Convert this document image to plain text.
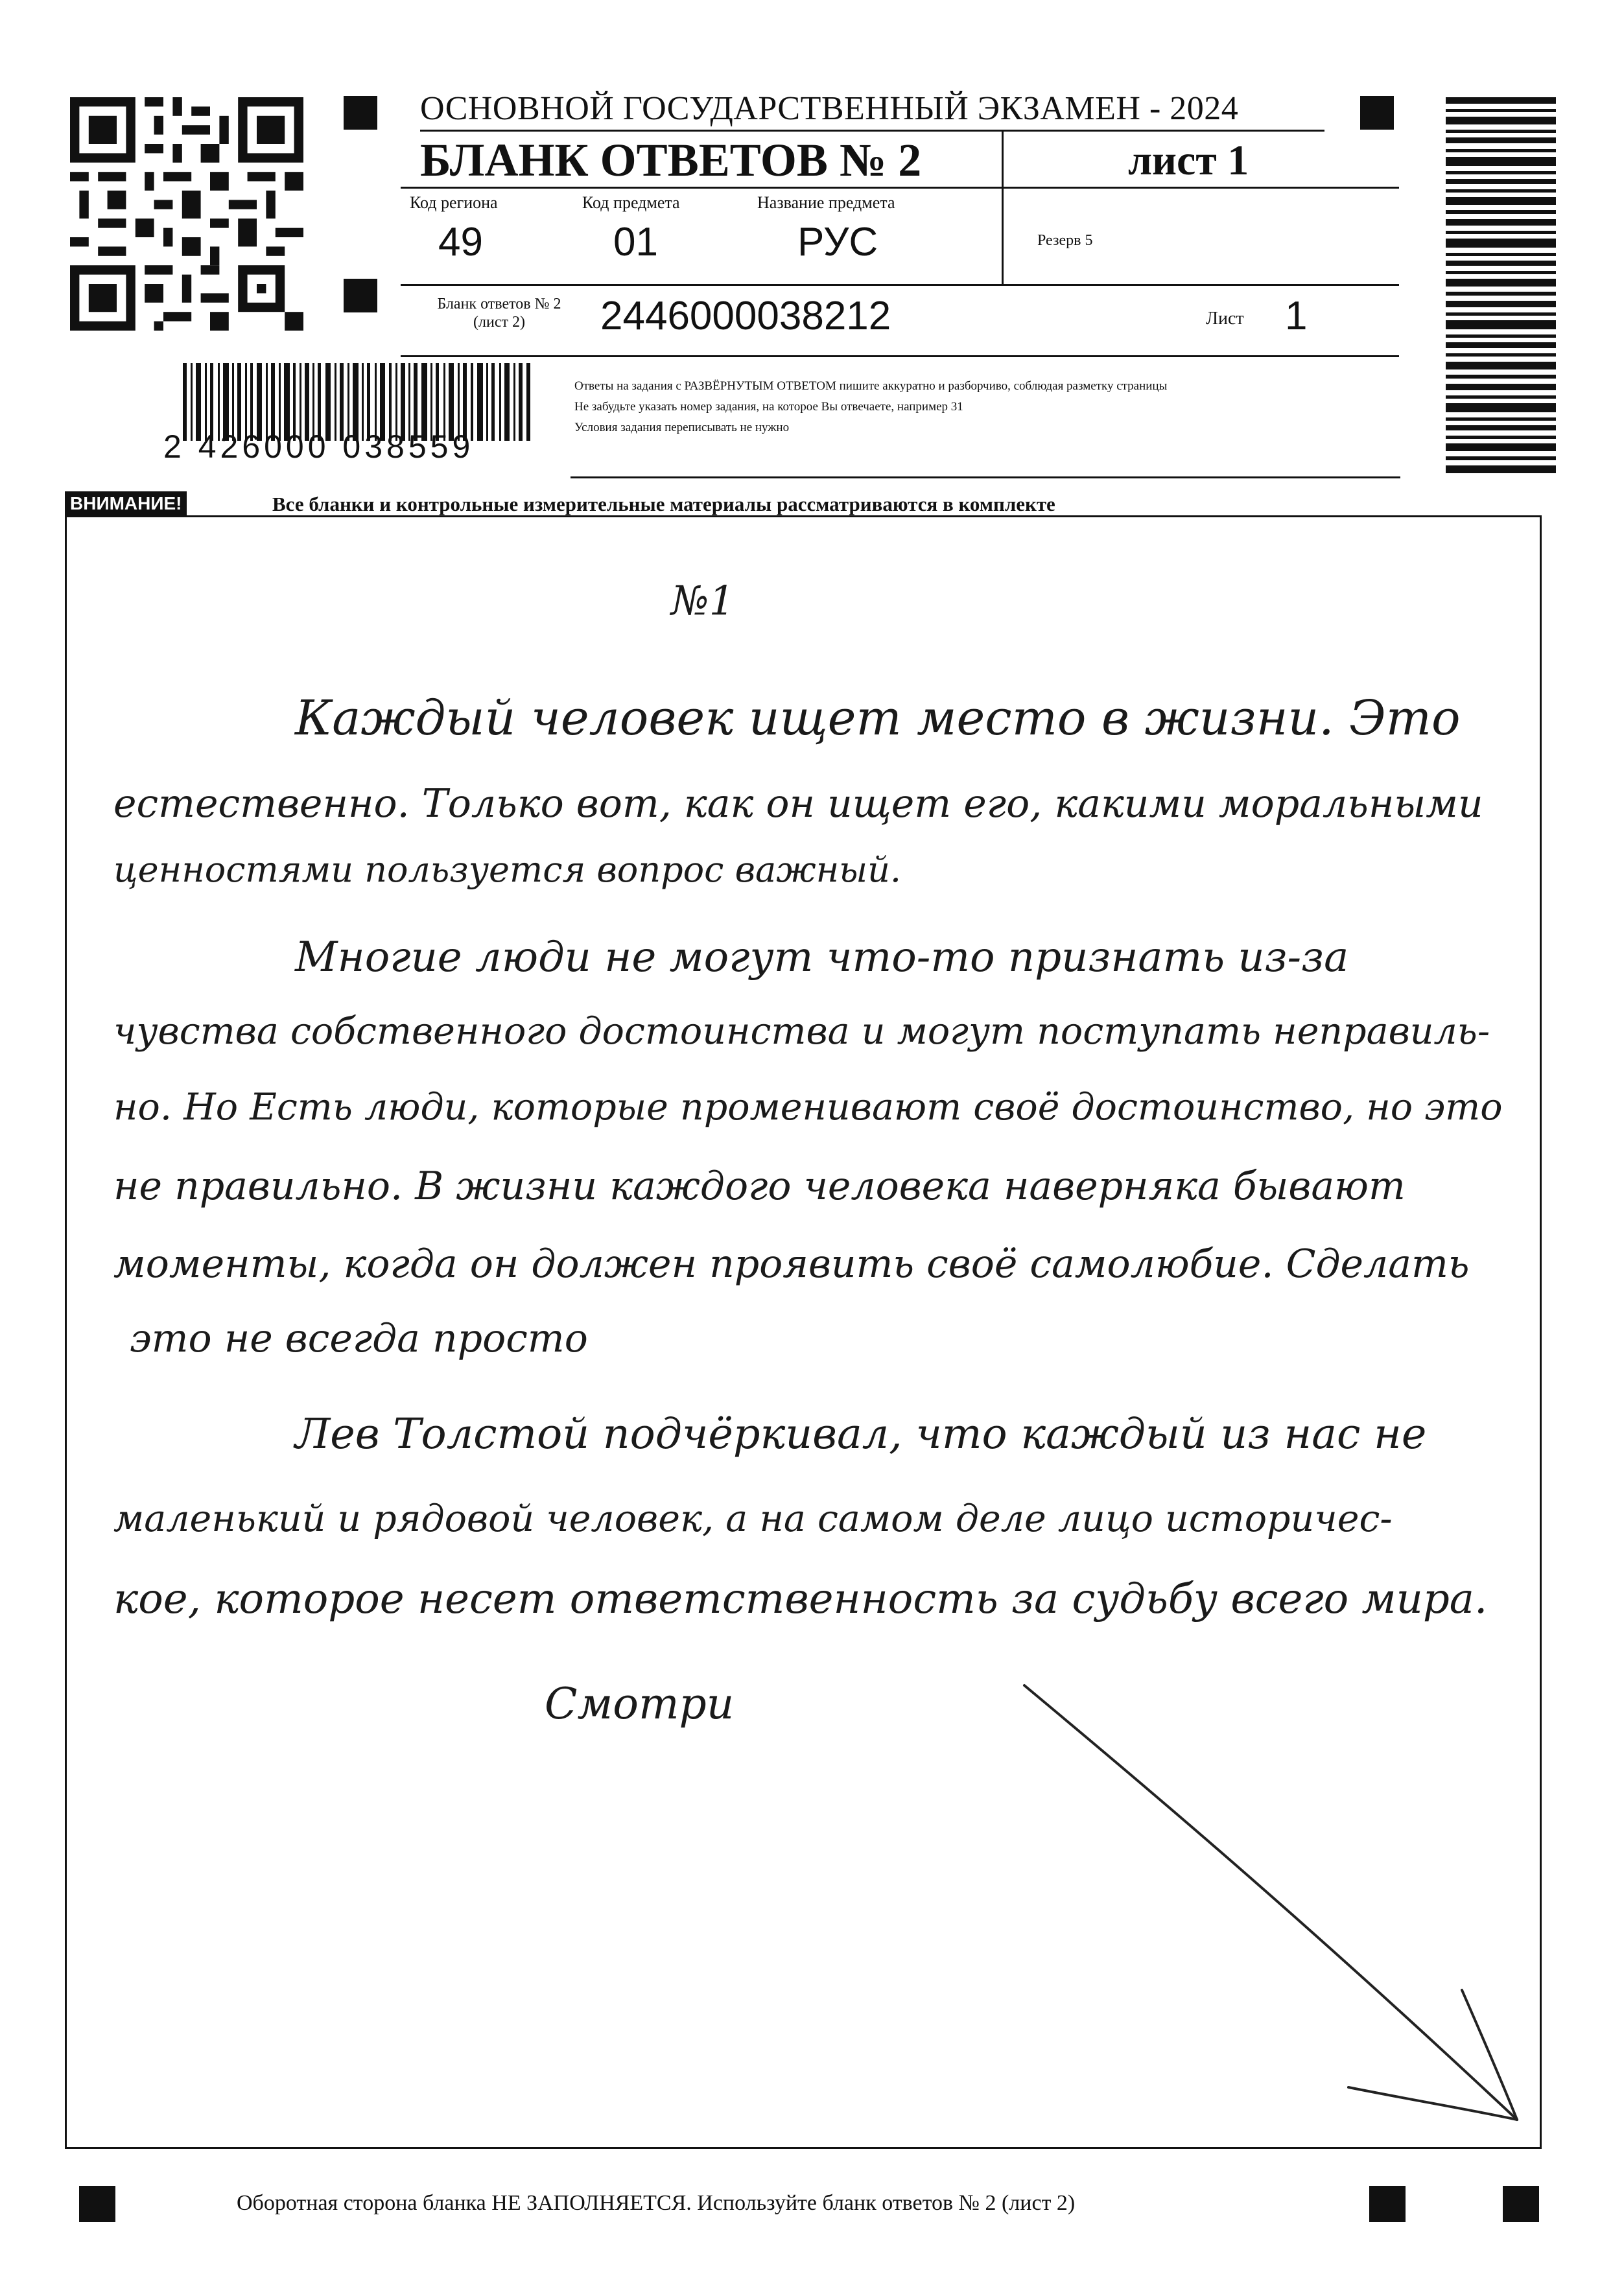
ОСНОВНОЙ ГОСУДАРСТВЕННЫЙ ЭКЗАМЕН - 2024
БЛАНК ОТВЕТОВ № 2	лист 1
Код региона
49
Код предмета
01
Название предмета
РУС	Резерв 5
Бланк ответов № 2
(лист 2)	2446000038212	Лист 1
Ответы на задания с РАЗВЁРНУТЫМ ОТВЕТОМ пишите аккуратно и разборчиво, соблюдая разметку страницы
Не забудьте указать номер задания, на которое Вы отвечаете, например 31
Условия задания переписывать не нужно
2 426000 038559
ВНИМАНИЕ!	Все бланки и контрольные измерительные материалы рассматриваются в комплекте
№1
Каждый человек ищет место в жизни. Это
естественно. Только вот, как он ищет его, какими моральными
ценностями пользуется вопрос важный.
Многие люди не могут что-то признать из-за
чувства собственного достоинства и могут поступать неправиль-
но. Но Есть люди, которые променивают своё достоинство, но это
не правильно. В жизни каждого человека наверняка бывают
моменты, когда он должен проявить своё самолюбие. Сделать
это не всегда просто
Лев Толстой подчёркивал, что каждый из нас не
маленький и рядовой человек, а на самом деле лицо историчес-
кое, которое несет ответственность за судьбу всего мира.
Смотри
Оборотная сторона бланка НЕ ЗАПОЛНЯЕТСЯ. Используйте бланк ответов № 2 (лист 2)
